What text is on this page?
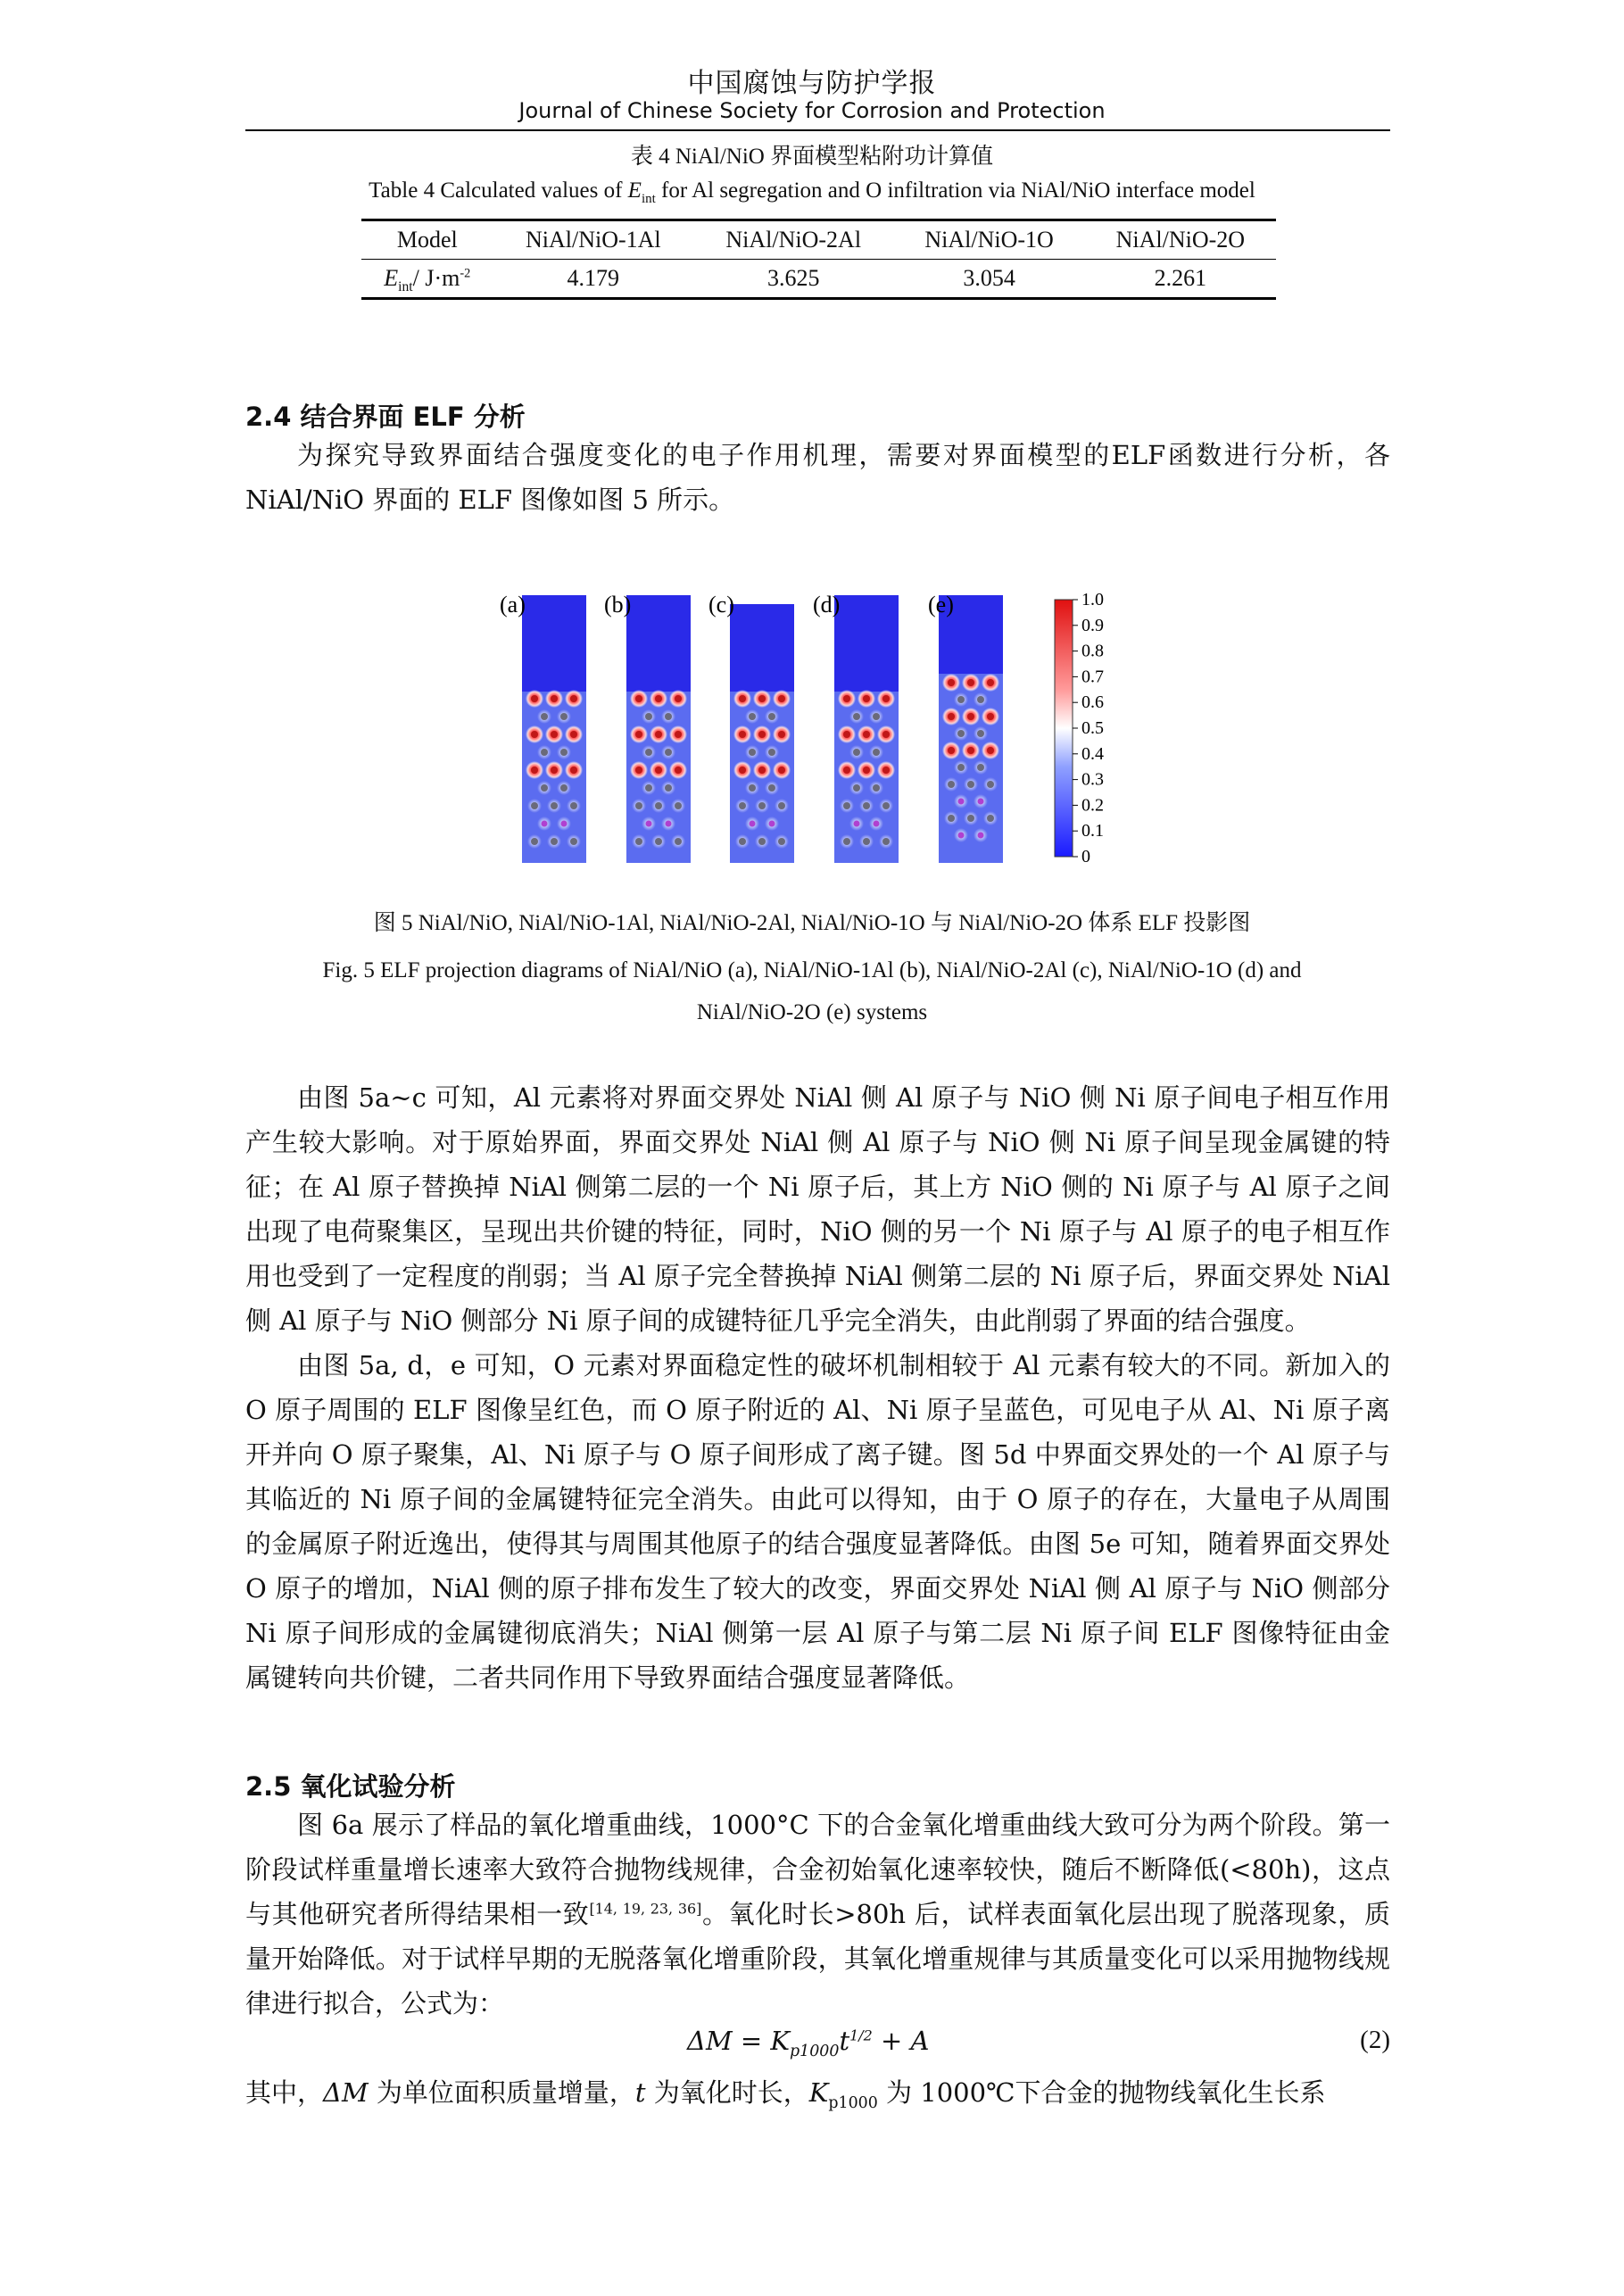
中国腐蚀与防护学报
Journal of Chinese Society for Corrosion and Protection
表 4 NiAl/NiO 界面模型粘附功计算值
Table 4 Calculated values of $E_{int}$ for Al segregation and O infiltration via NiAl/NiO interface model
Model	NiAl/NiO-1Al	NiAl/NiO-2Al	NiAl/NiO-1O	NiAl/NiO-2O
$E_{int}/$ $J\cdot m^{-2}$	4.179	3.625	3.054	2.261
2.4 结合界面 ELF 分析

为探究导致界面结合强度变化的电子作用机理，需要对界面模型的ELF函数进行分析，各 NiAl/NiO 界面的 ELF 图像如图 5 所示。

1.0
0.9
0.8
0.7
0.6
0.5
0.4
0.3
0.2
0.1
0
(a)	(b)	(c)	(d)	(e)
图 5 NiAl/NiO, NiAl/NiO-1Al, NiAl/NiO-2Al, NiAl/NiO-1O 与 NiAl/NiO-2O 体系 ELF 投影图
Fig. 5 ELF projection diagrams of NiAl/NiO (a), NiAl/NiO-1Al (b), NiAl/NiO-2Al (c), NiAl/NiO-1O (d) and
NiAl/NiO-2O (e) systems

由图 5a~c 可知，Al 元素将对界面交界处 NiAl 侧 Al 原子与 NiO 侧 Ni 原子间电子相互作用产生较大影响。对于原始界面，界面交界处 NiAl 侧 Al 原子与 NiO 侧 Ni 原子间呈现金属键的特征；在 Al 原子替换掉 NiAl 侧第二层的一个 Ni 原子后，其上方 NiO 侧的 Ni 原子与 Al 原子之间出现了电荷聚集区，呈现出共价键的特征，同时，NiO 侧的另一个 Ni 原子与 Al 原子的电子相互作用也受到了一定程度的削弱；当 Al 原子完全替换掉 NiAl 侧第二层的 Ni 原子后，界面交界处 NiAl 侧 Al 原子与 NiO 侧部分 Ni 原子间的成键特征几乎完全消失，由此削弱了界面的结合强度。

由图 5a, d，e 可知，O 元素对界面稳定性的破坏机制相较于 Al 元素有较大的不同。新加入的 O 原子周围的 ELF 图像呈红色，而 O 原子附近的 Al、Ni 原子呈蓝色，可见电子从 Al、Ni 原子离开并向 O 原子聚集，Al、Ni 原子与 O 原子间形成了离子键。图 5d 中界面交界处的一个 Al 原子与其临近的 Ni 原子间的金属键特征完全消失。由此可以得知，由于 O 原子的存在，大量电子从周围的金属原子附近逸出，使得其与周围其他原子的结合强度显著降低。由图 5e 可知，随着界面交界处 O 原子的增加，NiAl 侧的原子排布发生了较大的改变，界面交界处 NiAl 侧 Al 原子与 NiO 侧部分 Ni 原子间形成的金属键彻底消失；NiAl 侧第一层 Al 原子与第二层 Ni 原子间 ELF 图像特征由金属键转向共价键，二者共同作用下导致界面结合强度显著降低。

2.5 氧化试验分析

图 6a 展示了样品的氧化增重曲线，1000°C 下的合金氧化增重曲线大致可分为两个阶段。第一阶段试样重量增长速率大致符合抛物线规律，合金初始氧化速率较快，随后不断降低(<80h)，这点与其他研究者所得结果相一致[14, 19, 23, 36]。氧化时长>80h 后，试样表面氧化层出现了脱落现象，质量开始降低。对于试样早期的无脱落氧化增重阶段，其氧化增重规律与其质量变化可以采用抛物线规律进行拟合，公式为：

$\Delta M = K_{p1000}t^{1/2} + A$	(2)

其中，ΔM 为单位面积质量增量，t 为氧化时长，$K_{p1000}$ 为 1000℃下合金的抛物线氧化生长系
